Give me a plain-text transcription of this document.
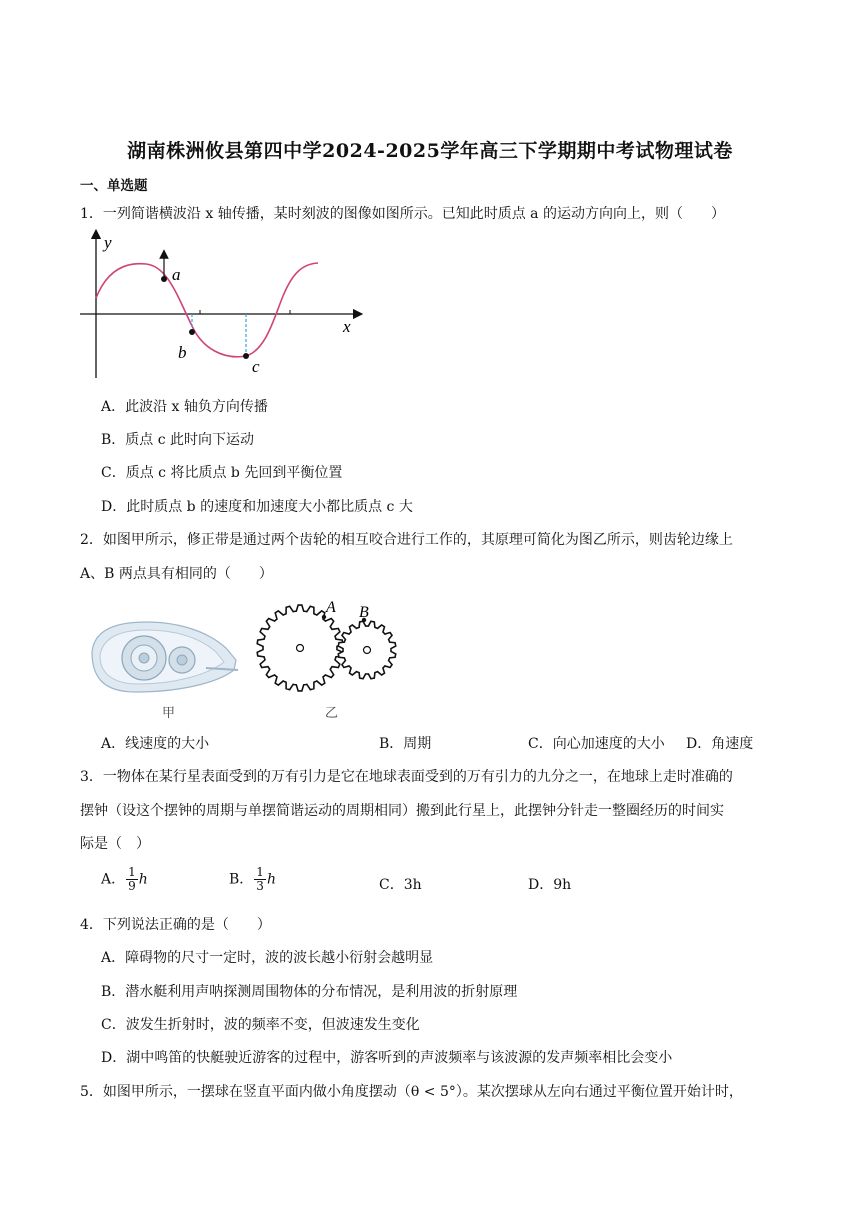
湖南株洲攸县第四中学2024-2025学年高三下学期期中考试物理试卷
一、单选题
1．一列简谐横波沿 x 轴传播，某时刻波的图像如图所示。已知此时质点 a 的运动方向向上，则（　　）
y
x
a
b
c
A．此波沿 x 轴负方向传播
B．质点 c 此时向下运动
C．质点 c 将比质点 b 先回到平衡位置
D．此时质点 b 的速度和加速度大小都比质点 c 大
2．如图甲所示，修正带是通过两个齿轮的相互咬合进行工作的，其原理可简化为图乙所示，则齿轮边缘上
A、B 两点具有相同的（　　）
甲
A B
乙
A．线速度的大小	B．周期	C．向心加速度的大小 D．角速度
3．一物体在某行星表面受到的万有引力是它在地球表面受到的万有引力的九分之一，在地球上走时准确的
摆钟（设这个摆钟的周期与单摆简谐运动的周期相同）搬到此行星上，此摆钟分针走一整圈经历的时间实
际是（　）
A． $\frac{1}{9}$ h	B． $\frac{1}{3}$ h	C．3h	D．9h
4．下列说法正确的是（　　）
A．障碍物的尺寸一定时，波的波长越小衍射会越明显
B．潜水艇利用声呐探测周围物体的分布情况，是利用波的折射原理
C．波发生折射时，波的频率不变，但波速发生变化
D．湖中鸣笛的快艇驶近游客的过程中，游客听到的声波频率与该波源的发声频率相比会变小
5．如图甲所示，一摆球在竖直平面内做小角度摆动（θ < 5°）。某次摆球从左向右通过平衡位置开始计时，
